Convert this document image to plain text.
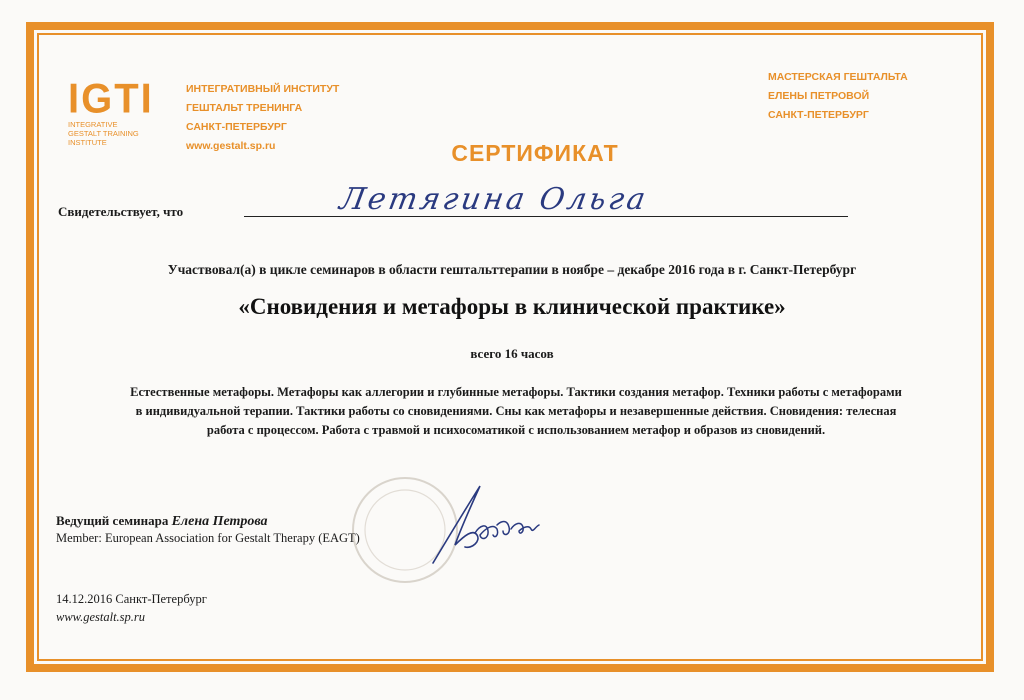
IGTI
INTEGRATIVE
GESTALT TRAINING
INSTITUTE
ИНТЕГРАТИВНЫЙ ИНСТИТУТ
ГЕШТАЛЬТ ТРЕНИНГА
САНКТ-ПЕТЕРБУРГ
www.gestalt.sp.ru
МАСТЕРСКАЯ ГЕШТАЛЬТА
ЕЛЕНЫ ПЕТРОВОЙ
САНКТ-ПЕТЕРБУРГ
СЕРТИФИКАТ
Свидетельствует, что	Летягина Ольга
Участвовал(а) в цикле семинаров в области гештальттерапии в ноябре – декабре 2016 года в г. Санкт-Петербург
«Сновидения и метафоры в клинической практике»
всего 16 часов
Естественные метафоры. Метафоры как аллегории и глубинные метафоры. Тактики создания метафор. Техники работы с метафорами
в индивидуальной терапии. Тактики работы со сновидениями. Сны как метафоры и незавершенные действия. Сновидения: телесная
работа с процессом. Работа с травмой и психосоматикой с использованием метафор и образов из сновидений.
Ведущий семинара Елена Петрова
Member: European Association for Gestalt Therapy (EAGT)
14.12.2016 Санкт-Петербург
www.gestalt.sp.ru
